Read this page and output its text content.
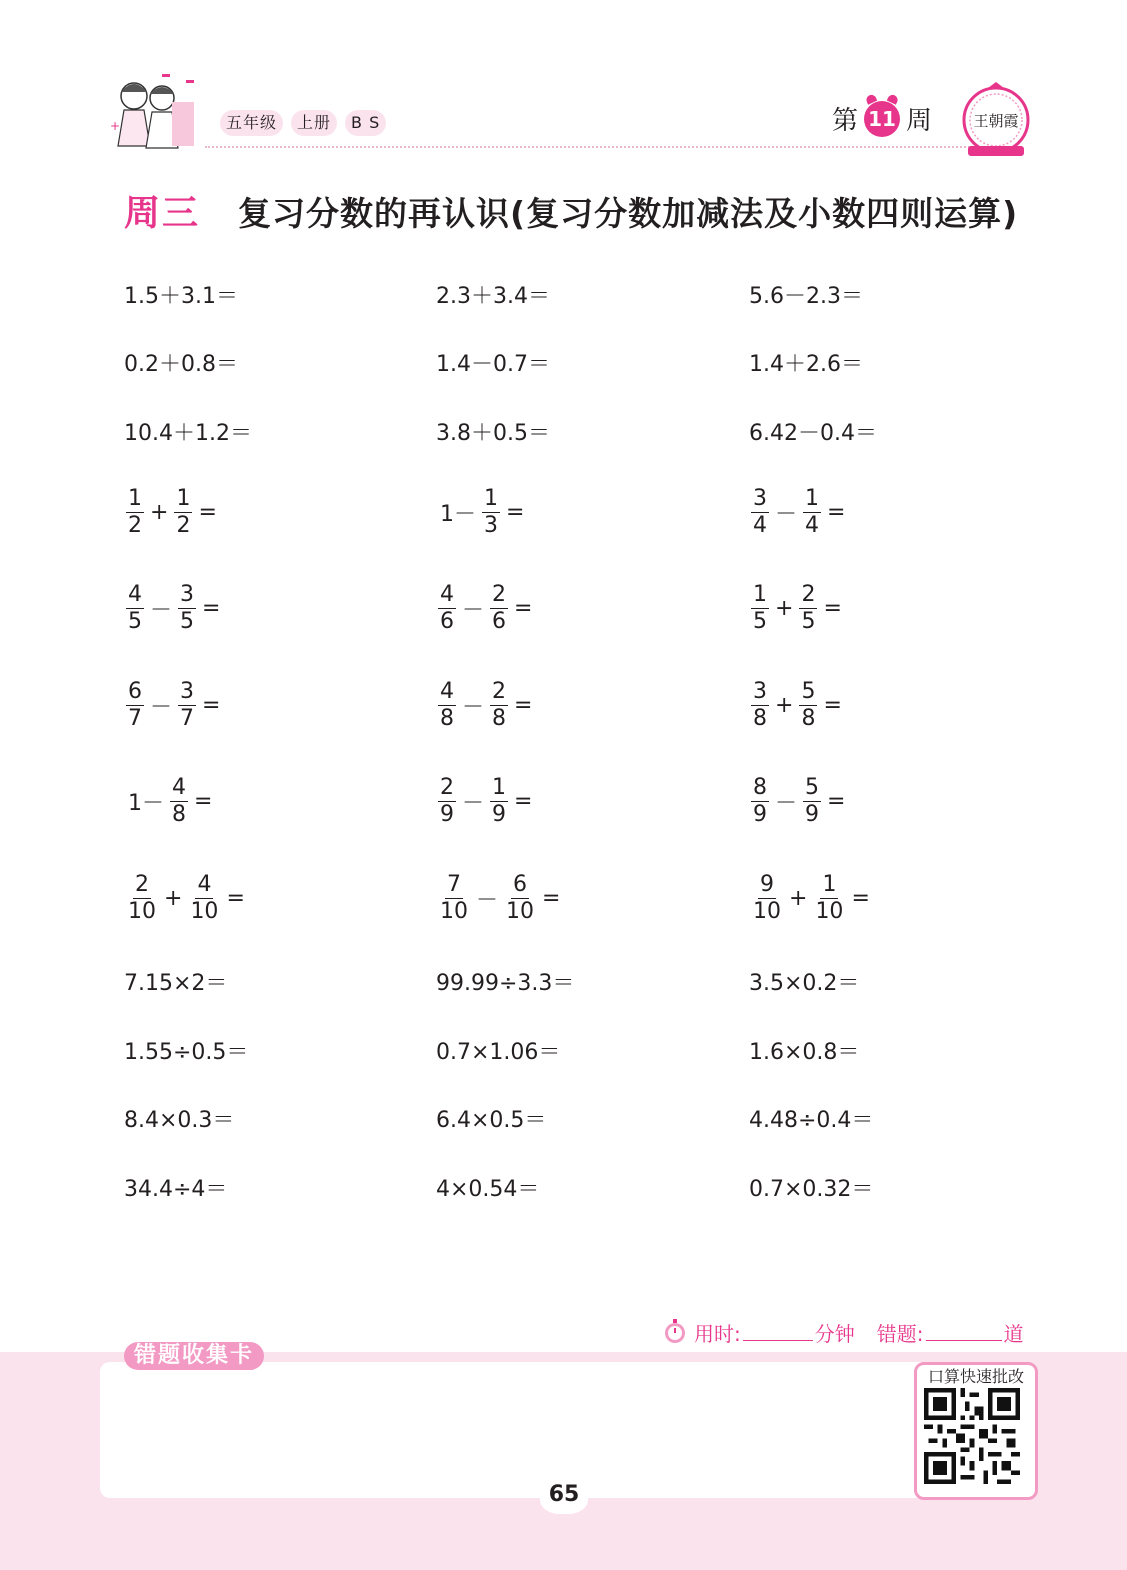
+	五年级	上册	B S	第 11 周	王朝霞
周三 复习分数的再认识(复习分数加减法及小数四则运算)
1.5＋3.1＝	2.3＋3.4＝	5.6－2.3＝
0.2＋0.8＝	1.4－0.7＝	1.4＋2.6＝
10.4＋1.2＝	3.8＋0.5＝	6.42－0.4＝
$\frac{1}{2} + \frac{1}{2}$ =	$1- \frac{1}{3}$ =	$\frac{3}{4} - \frac{1}{4}$ =
$\frac{4}{5} - \frac{3}{5}$ =	$\frac{4}{6} - \frac{2}{6}$ =	$\frac{1}{5} + \frac{2}{5}$ =
$\frac{6}{7} - \frac{3}{7}$ =	$\frac{4}{8} - \frac{2}{8}$ =	$\frac{3}{8} + \frac{5}{8}$ =
$1- \frac{4}{8}$ =	$\frac{2}{9} - \frac{1}{9}$ =	$\frac{8}{9} - \frac{5}{9}$ =
$\frac{2}{10} + \frac{4}{10}$ =	$\frac{7}{10} - \frac{6}{10}$ =	$\frac{9}{10} + \frac{1}{10}$ =
7.15×2＝	99.99÷3.3＝	3.5×0.2＝
1.55÷0.5＝	0.7×1.06＝	1.6×0.8＝
8.4×0.3＝	6.4×0.5＝	4.48÷0.4＝
34.4÷4＝	4×0.54＝	0.7×0.32＝
用时:	分钟 错题:	道
错题收集卡
口算快速批改
65
